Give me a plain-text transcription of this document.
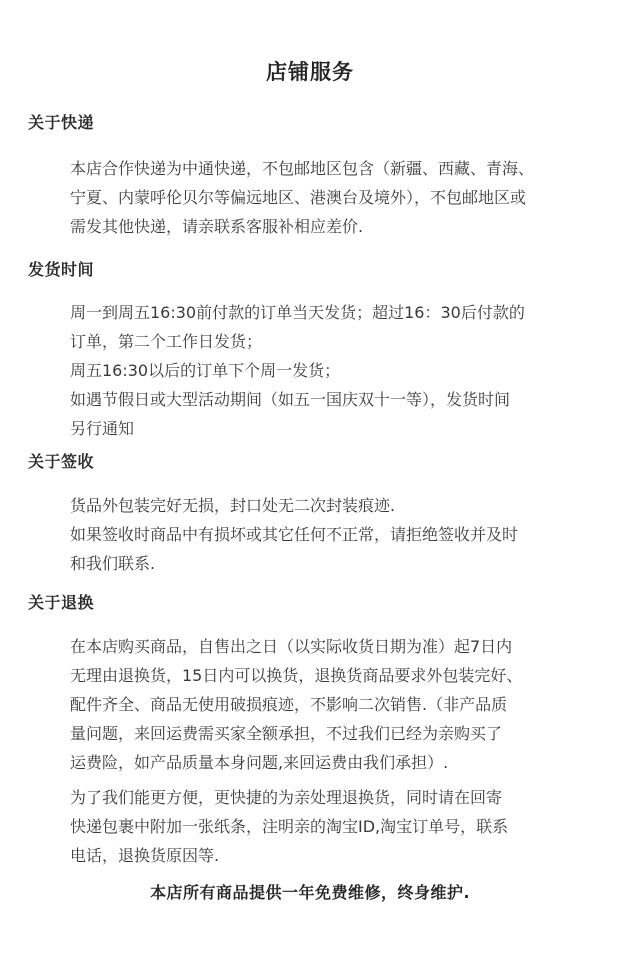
店铺服务
关于快递
本店合作快递为中通快递，不包邮地区包含（新疆、西藏、青海、
宁夏、内蒙呼伦贝尔等偏远地区、港澳台及境外），不包邮地区或
需发其他快递，请亲联系客服补相应差价.
发货时间
周一到周五16:30前付款的订单当天发货；超过16：30后付款的
订单，第二个工作日发货；
周五16:30以后的订单下个周一发货；
如遇节假日或大型活动期间（如五一国庆双十一等），发货时间
另行通知
关于签收
货品外包装完好无损，封口处无二次封装痕迹.
如果签收时商品中有损坏或其它任何不正常，请拒绝签收并及时
和我们联系.
关于退换
在本店购买商品，自售出之日（以实际收货日期为准）起7日内
无理由退换货，15日内可以换货，退换货商品要求外包装完好、
配件齐全、商品无使用破损痕迹，不影响二次销售.（非产品质
量问题，来回运费需买家全额承担，不过我们已经为亲购买了
运费险，如产品质量本身问题,来回运费由我们承担）.
为了我们能更方便，更快捷的为亲处理退换货，同时请在回寄
快递包裹中附加一张纸条，注明亲的淘宝ID,淘宝订单号，联系
电话，退换货原因等.
本店所有商品提供一年免费维修，终身维护.
